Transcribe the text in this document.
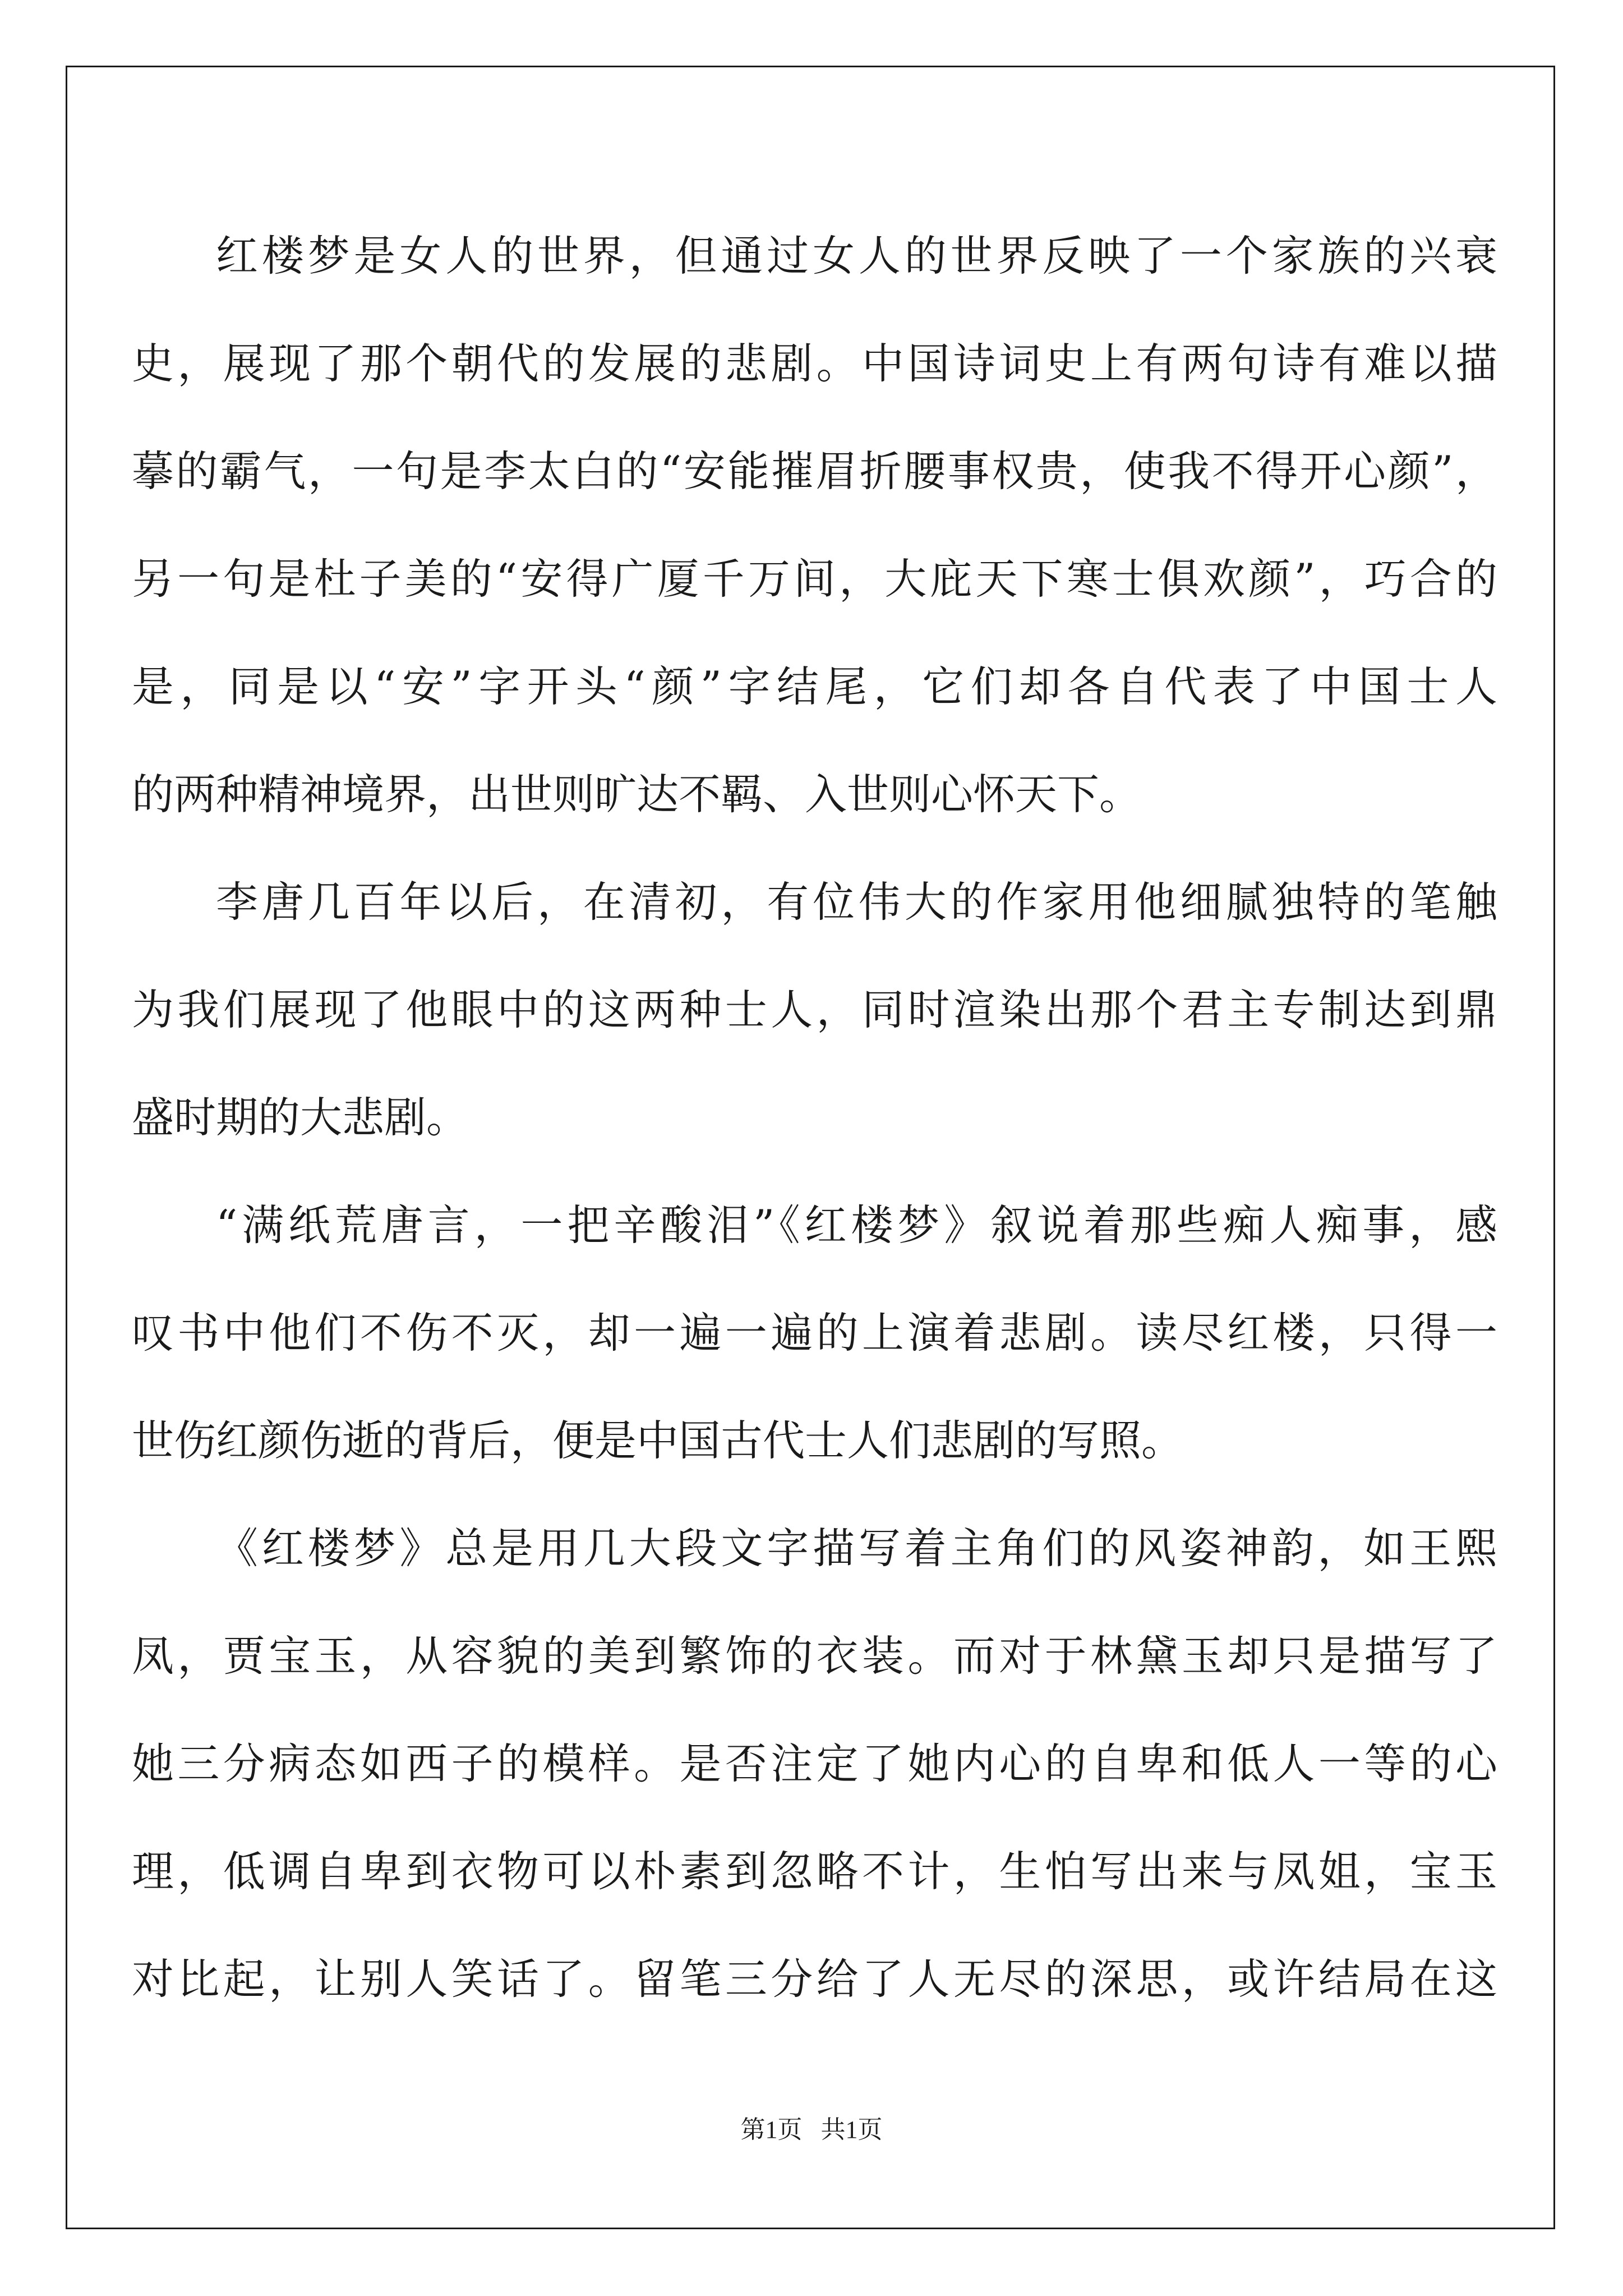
红楼梦是女人的世界，但通过女人的世界反映了一个家族的兴衰
史，展现了那个朝代的发展的悲剧。中国诗词史上有两句诗有难以描
摹的霸气，一句是李太白的“安能摧眉折腰事权贵，使我不得开心颜”，
另一句是杜子美的“安得广厦千万间，大庇天下寒士俱欢颜”，巧合的
是，同是以“安”字开头“颜”字结尾，它们却各自代表了中国士人
的两种精神境界，出世则旷达不羁、入世则心怀天下。
李唐几百年以后，在清初，有位伟大的作家用他细腻独特的笔触
为我们展现了他眼中的这两种士人，同时渲染出那个君主专制达到鼎
盛时期的大悲剧。
“满纸荒唐言，一把辛酸泪”《红楼梦》叙说着那些痴人痴事，感
叹书中他们不伤不灭，却一遍一遍的上演着悲剧。读尽红楼，只得一
世伤红颜伤逝的背后，便是中国古代士人们悲剧的写照。
《红楼梦》总是用几大段文字描写着主角们的风姿神韵，如王熙
凤，贾宝玉，从容貌的美到繁饰的衣装。而对于林黛玉却只是描写了
她三分病态如西子的模样。是否注定了她内心的自卑和低人一等的心
理，低调自卑到衣物可以朴素到忽略不计，生怕写出来与凤姐，宝玉
对比起，让别人笑话了。留笔三分给了人无尽的深思，或许结局在这
第1页 共1页
